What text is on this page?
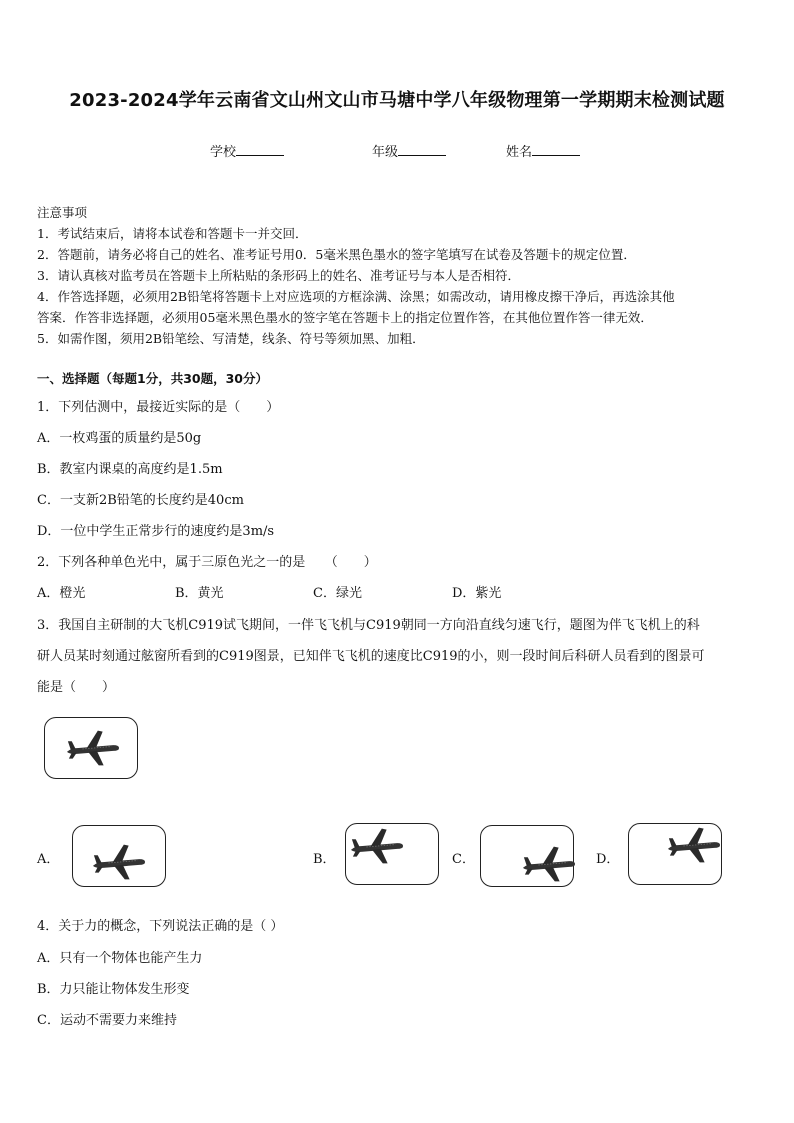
2023-2024学年云南省文山州文山市马塘中学八年级物理第一学期期末检测试题
学校	年级	姓名
注意事项
1．考试结束后，请将本试卷和答题卡一并交回．
2．答题前，请务必将自己的姓名、准考证号用0．5毫米黑色墨水的签字笔填写在试卷及答题卡的规定位置．
3．请认真核对监考员在答题卡上所粘贴的条形码上的姓名、准考证号与本人是否相符．
4．作答选择题，必须用2B铅笔将答题卡上对应选项的方框涂满、涂黑；如需改动，请用橡皮擦干净后，再选涂其他
答案．作答非选择题，必须用05毫米黑色墨水的签字笔在答题卡上的指定位置作答，在其他位置作答一律无效．
5．如需作图，须用2B铅笔绘、写清楚，线条、符号等须加黑、加粗．
一、选择题（每题1分，共30题，30分）
1．下列估测中，最接近实际的是（　　）
A．一枚鸡蛋的质量约是50g
B．教室内课桌的高度约是1.5m
C．一支新2B铅笔的长度约是40cm
D．一位中学生正常步行的速度约是3m/s
2．下列各种单色光中，属于三原色光之一的是　　（　　）
A．橙光	B．黄光	C．绿光	D．紫光
3．我国自主研制的大飞机C919试飞期间，一伴飞飞机与C919朝同一方向沿直线匀速飞行，题图为伴飞飞机上的科
研人员某时刻通过舷窗所看到的C919图景，已知伴飞飞机的速度比C919的小，则一段时间后科研人员看到的图景可
能是（　　）
A．	B．	C．	D．
4．关于力的概念，下列说法正确的是（ ）
A．只有一个物体也能产生力
B．力只能让物体发生形变
C．运动不需要力来维持
